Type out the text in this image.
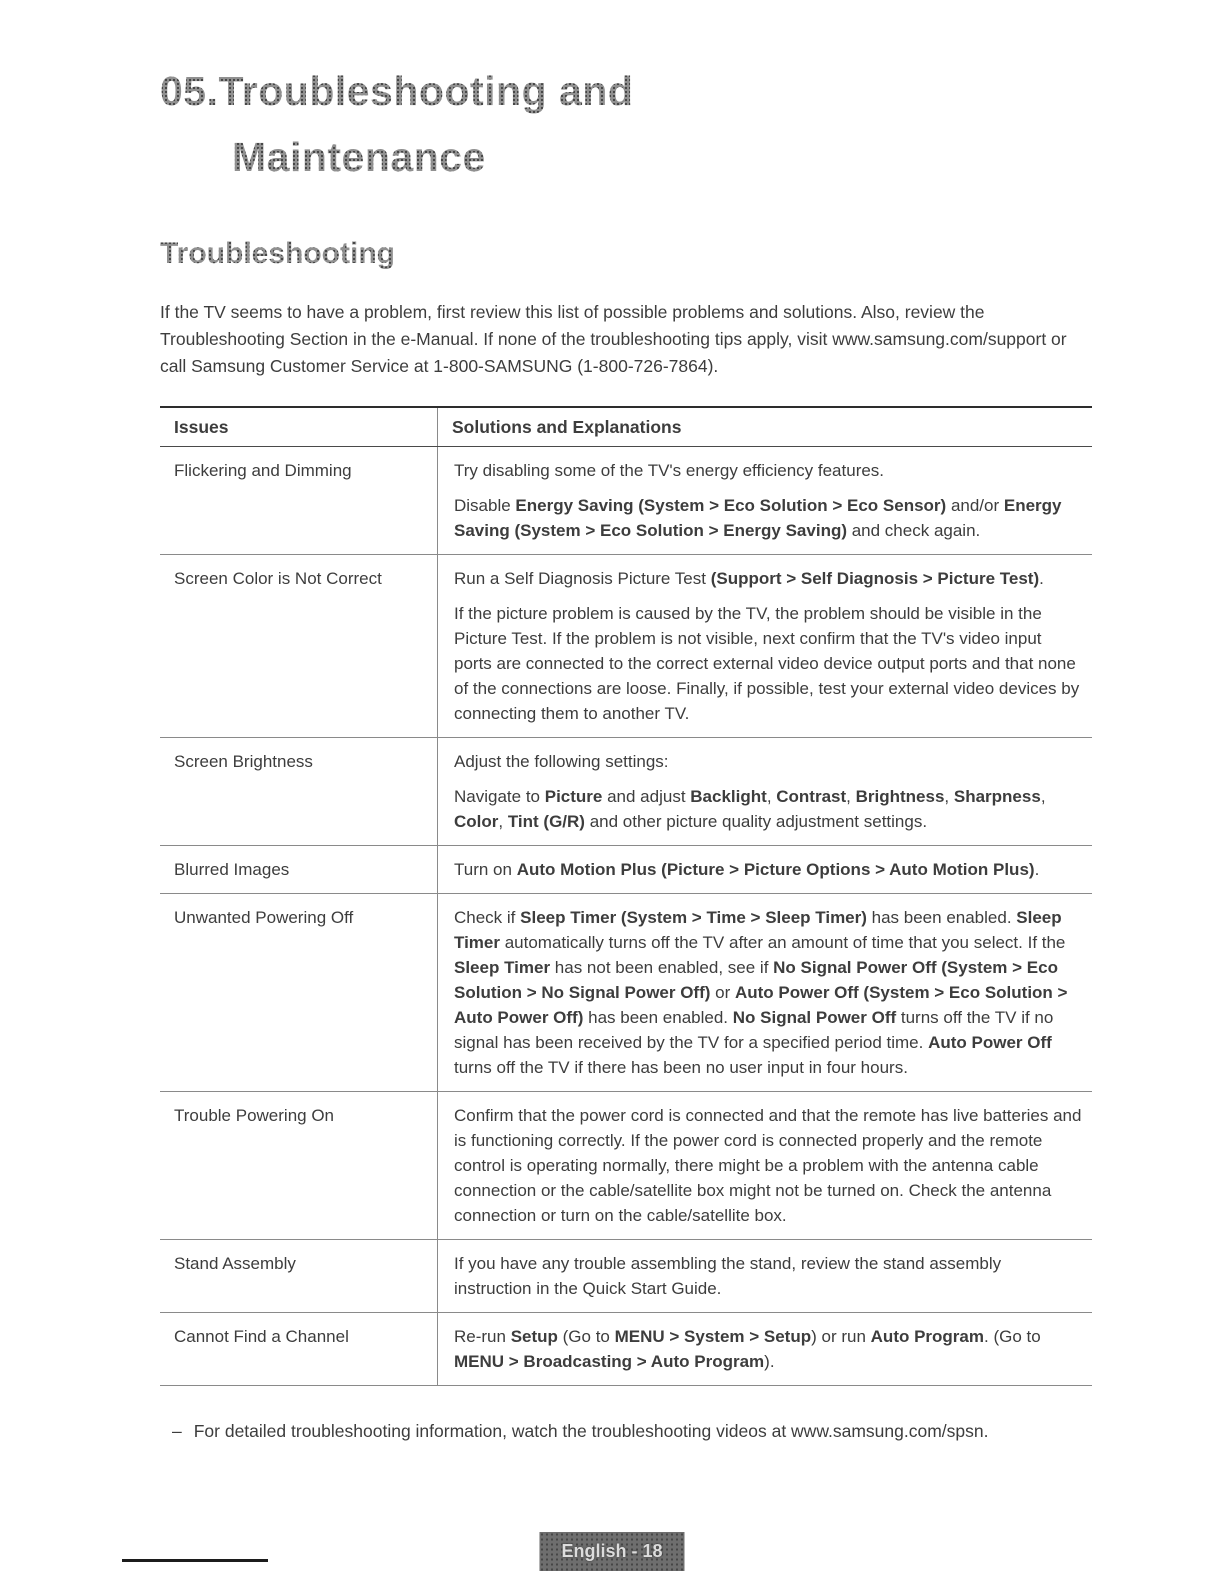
05.Troubleshooting and
Maintenance
Troubleshooting

If the TV seems to have a problem, first review this list of possible problems and solutions. Also, review the Troubleshooting Section in the e-Manual. If none of the troubleshooting tips apply, visit www.samsung.com/support or call Samsung Customer Service at 1-800-SAMSUNG (1-800-726-7864).

Issues	Solutions and Explanations
Flickering and Dimming	Try disabling some of the TV's energy efficiency features.

Disable Energy Saving (System > Eco Solution > Eco Sensor) and/or Energy Saving (System > Eco Solution > Energy Saving) and check again.

Screen Color is Not Correct	Run a Self Diagnosis Picture Test (Support > Self Diagnosis > Picture Test).

If the picture problem is caused by the TV, the problem should be visible in the Picture Test. If the problem is not visible, next confirm that the TV's video input ports are connected to the correct external video device output ports and that none of the connections are loose. Finally, if possible, test your external video devices by connecting them to another TV.

Screen Brightness	Adjust the following settings:

Navigate to Picture and adjust Backlight, Contrast, Brightness, Sharpness, Color, Tint (G/R) and other picture quality adjustment settings.

Blurred Images	Turn on Auto Motion Plus (Picture > Picture Options > Auto Motion Plus).

Unwanted Powering Off	Check if Sleep Timer (System > Time > Sleep Timer) has been enabled. Sleep Timer automatically turns off the TV after an amount of time that you select. If the Sleep Timer has not been enabled, see if No Signal Power Off (System > Eco Solution > No Signal Power Off) or Auto Power Off (System > Eco Solution > Auto Power Off) has been enabled. No Signal Power Off turns off the TV if no signal has been received by the TV for a specified period time. Auto Power Off turns off the TV if there has been no user input in four hours.

Trouble Powering On	Confirm that the power cord is connected and that the remote has live batteries and is functioning correctly. If the power cord is connected properly and the remote control is operating normally, there might be a problem with the antenna cable connection or the cable/satellite box might not be turned on. Check the antenna connection or turn on the cable/satellite box.

Stand Assembly	If you have any trouble assembling the stand, review the stand assembly instruction in the Quick Start Guide.

Cannot Find a Channel	Re-run Setup (Go to MENU > System > Setup) or run Auto Program. (Go to MENU > Broadcasting > Auto Program).

– For detailed troubleshooting information, watch the troubleshooting videos at www.samsung.com/spsn.

English - 18
